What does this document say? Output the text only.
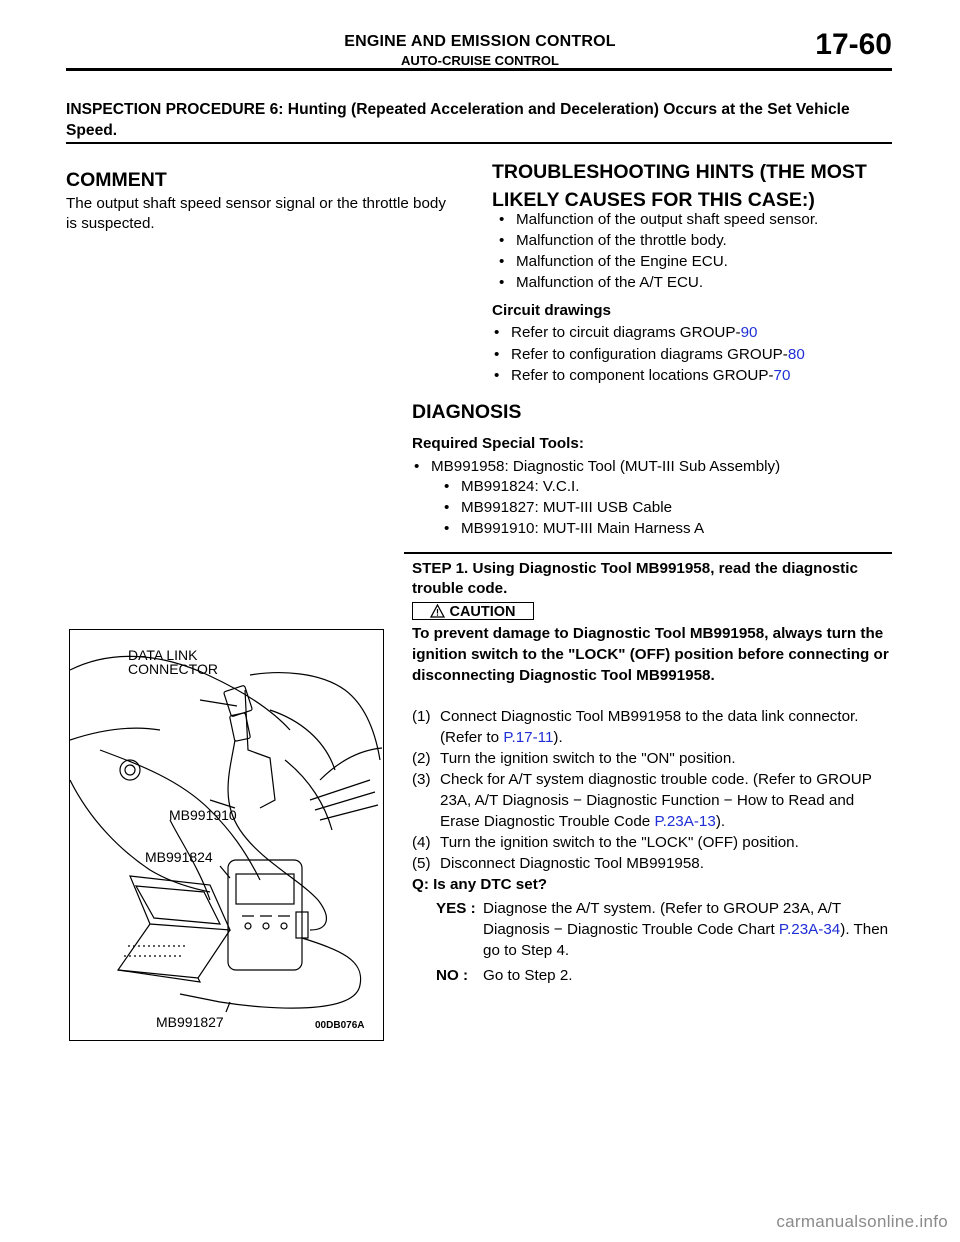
ENGINE AND EMISSION CONTROL
AUTO-CRUISE CONTROL	17-60
INSPECTION PROCEDURE 6: Hunting (Repeated Acceleration and Deceleration) Occurs at the Set Vehicle Speed.
COMMENT
The output shaft speed sensor signal or the throttle body is suspected.
TROUBLESHOOTING HINTS (THE MOST LIKELY CAUSES FOR THIS CASE:)
• Malfunction of the output shaft speed sensor.
• Malfunction of the throttle body.
• Malfunction of the Engine ECU.
• Malfunction of the A/T ECU.
Circuit drawings
• Refer to circuit diagrams GROUP-90
• Refer to configuration diagrams GROUP-80
• Refer to component locations GROUP-70
DIAGNOSIS
Required Special Tools:
• MB991958: Diagnostic Tool (MUT-III Sub Assembly)
• MB991824: V.C.I.
• MB991827: MUT-III USB Cable
• MB991910: MUT-III Main Harness A
STEP 1. Using Diagnostic Tool MB991958, read the diagnostic trouble code.
CAUTION
To prevent damage to Diagnostic Tool MB991958, always turn the ignition switch to the "LOCK" (OFF) position before connecting or disconnecting Diagnostic Tool MB991958.
(1) Connect Diagnostic Tool MB991958 to the data link connector. (Refer to P.17-11).
(2) Turn the ignition switch to the "ON" position.
(3) Check for A/T system diagnostic trouble code. (Refer to GROUP 23A, A/T Diagnosis − Diagnostic Function − How to Read and Erase Diagnostic Trouble Code P.23A-13).
(4) Turn the ignition switch to the "LOCK" (OFF) position.
(5) Disconnect Diagnostic Tool MB991958.
Q: Is any DTC set?
YES : Diagnose the A/T system. (Refer to GROUP 23A, A/T Diagnosis − Diagnostic Trouble Code Chart P.23A-34). Then go to Step 4.
NO : Go to Step 2.
DATA LINK
CONNECTOR
MB991910
MB991824
MB991827	00DB076A
carmanualsonline.info
